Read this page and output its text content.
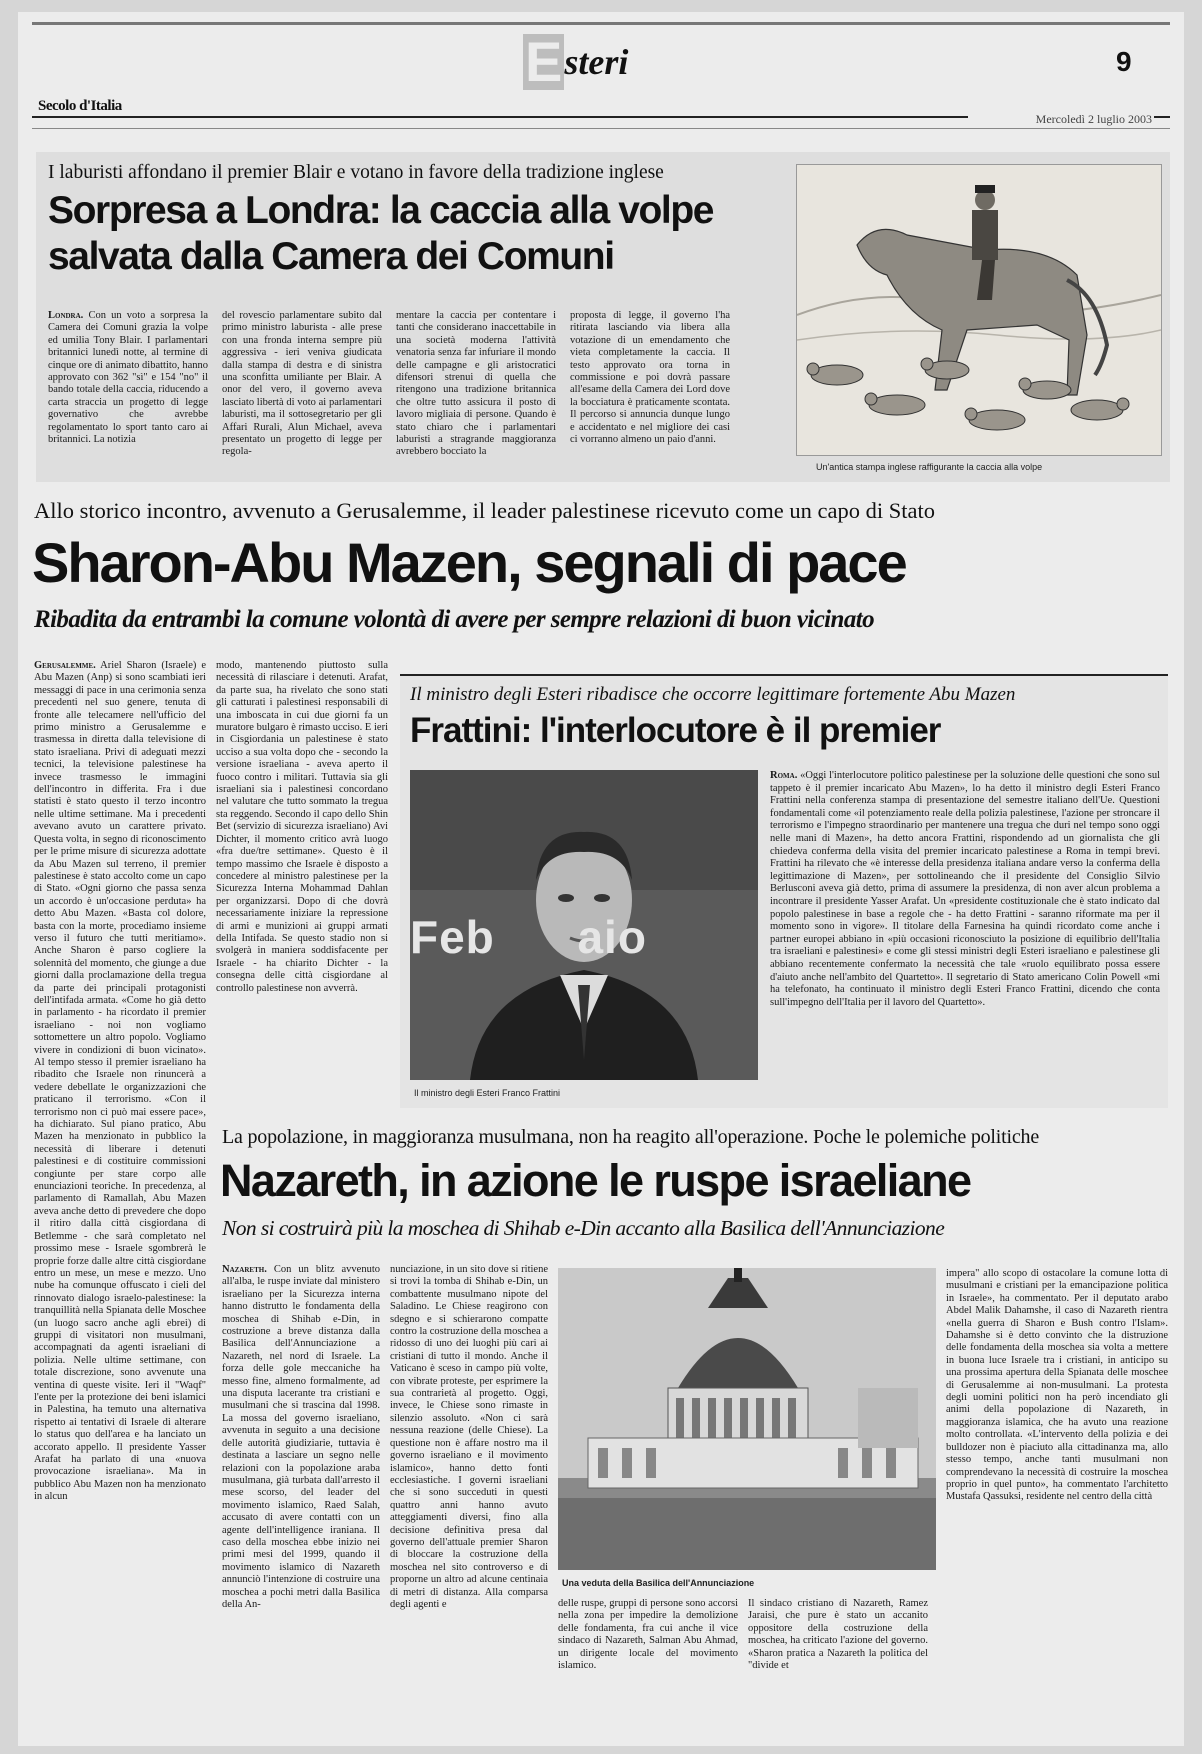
Esteri	9
Secolo d'Italia
Mercoledì 2 luglio 2003
I laburisti affondano il premier Blair e votano in favore della tradizione inglese
Sorpresa a Londra: la caccia alla volpe
salvata dalla Camera dei Comuni
Londra. Con un voto a sorpresa la Camera dei Comuni grazia la volpe ed umilia Tony Blair. I parlamentari britannici lunedì notte, al termine di cinque ore di animato dibattito, hanno approvato con 362 "sì" e 154 "no" il bando totale della caccia, riducendo a carta straccia un progetto di legge governativo che avrebbe regolamentato lo sport tanto caro ai britannici. La notizia
del rovescio parlamentare subito dal primo ministro laburista - alle prese con una fronda interna sempre più aggressiva - ieri veniva giudicata dalla stampa di destra e di sinistra una sconfitta umiliante per Blair. A onor del vero, il governo aveva lasciato libertà di voto ai parlamentari laburisti, ma il sottosegretario per gli Affari Rurali, Alun Michael, aveva presentato un progetto di legge per regola-
mentare la caccia per contentare i tanti che considerano inaccettabile in una società moderna l'attività venatoria senza far infuriare il mondo delle campagne e gli aristocratici difensori strenui di quella che ritengono una tradizione britannica che oltre tutto assicura il posto di lavoro migliaia di persone. Quando è stato chiaro che i parlamentari laburisti a stragrande maggioranza avrebbero bocciato la
proposta di legge, il governo l'ha ritirata lasciando via libera alla votazione di un emendamento che vieta completamente la caccia. Il testo approvato ora torna in commissione e poi dovrà passare all'esame della Camera dei Lord dove la bocciatura è praticamente scontata. Il percorso si annuncia dunque lungo e accidentato e nel migliore dei casi ci vorranno almeno un paio d'anni.
Un'antica stampa inglese raffigurante la caccia alla volpe
Allo storico incontro, avvenuto a Gerusalemme, il leader palestinese ricevuto come un capo di Stato
Sharon-Abu Mazen, segnali di pace
Ribadita da entrambi la comune volontà di avere per sempre relazioni di buon vicinato
Gerusalemme. Ariel Sharon (Israele) e Abu Mazen (Anp) si sono scambiati ieri messaggi di pace in una cerimonia senza precedenti nel suo genere, tenuta di fronte alle telecamere nell'ufficio del primo ministro a Gerusalemme e trasmessa in diretta dalla televisione di stato israeliana. Privi di adeguati mezzi tecnici, la televisione palestinese ha invece trasmesso le immagini dell'incontro in differita. Fra i due statisti è stato questo il terzo incontro nelle ultime settimane. Ma i precedenti avevano avuto un carattere privato. Questa volta, in segno di riconoscimento per le prime misure di sicurezza adottate da Abu Mazen sul terreno, il premier palestinese è stato accolto come un capo di Stato. «Ogni giorno che passa senza un accordo è un'occasione perduta» ha detto Abu Mazen. «Basta col dolore, basta con la morte, procediamo insieme verso il futuro che tutti meritiamo». Anche Sharon è parso cogliere la solennità del momento, che giunge a due giorni dalla proclamazione della tregua da parte dei principali protagonisti dell'intifada armata. «Come ho già detto in parlamento - ha ricordato il premier israeliano - noi non vogliamo sottomettere un altro popolo. Vogliamo vivere in condizioni di buon vicinato». Al tempo stesso il premier israeliano ha ribadito che Israele non rinuncerà a vedere debellate le organizzazioni che praticano il terrorismo. «Con il terrorismo non ci può mai essere pace», ha dichiarato. Sul piano pratico, Abu Mazen ha menzionato in pubblico la necessità di liberare i detenuti palestinesi e di costituire commissioni congiunte per stare corpo alle enunciazioni teoriche. In precedenza, al parlamento di Ramallah, Abu Mazen aveva anche detto di prevedere che dopo il ritiro dalla città cisgiordana di Betlemme - che sarà completato nel prossimo mese - Israele sgombrerà le proprie forze dalle altre città cisgiordane entro un mese, un mese e mezzo. Uno nube ha comunque offuscato i cieli del rinnovato dialogo israelo-palestinese: la tranquillità nella Spianata delle Moschee (un luogo sacro anche agli ebrei) di gruppi di visitatori non musulmani, accompagnati da agenti israeliani di polizia. Nelle ultime settimane, con totale discrezione, sono avvenute una ventina di queste visite. Ieri il "Waqf" l'ente per la protezione dei beni islamici in Palestina, ha temuto una alternativa rispetto ai tentativi di Israele di alterare lo status quo dell'area e ha lanciato un accorato appello. Il presidente Yasser Arafat ha parlato di una «nuova provocazione israeliana». Ma in pubblico Abu Mazen non ha menzionato in alcun
modo, mantenendo piuttosto sulla necessità di rilasciare i detenuti. Arafat, da parte sua, ha rivelato che sono stati gli catturati i palestinesi responsabili di una imboscata in cui due giorni fa un muratore bulgaro è rimasto ucciso. E ieri in Cisgiordania un palestinese è stato ucciso a sua volta dopo che - secondo la versione israeliana - aveva aperto il fuoco contro i militari. Tuttavia sia gli israeliani sia i palestinesi concordano nel valutare che tutto sommato la tregua sta reggendo. Secondo il capo dello Shin Bet (servizio di sicurezza israeliano) Avi Dichter, il momento critico avrà luogo «fra due/tre settimane». Questo è il tempo massimo che Israele è disposto a concedere al ministro palestinese per la Sicurezza Interna Mohammad Dahlan per organizzarsi. Dopo di che dovrà necessariamente iniziare la repressione di armi e munizioni ai gruppi armati della Intifada. Se questo stadio non si svolgerà in maniera soddisfacente per Israele - ha chiarito Dichter - la consegna delle città cisgiordane al controllo palestinese non avverrà.
Il ministro degli Esteri ribadisce che occorre legittimare fortemente Abu Mazen
Frattini: l'interlocutore è il premier
Feb      aio
Il ministro degli Esteri Franco Frattini
Roma. «Oggi l'interlocutore politico palestinese per la soluzione delle questioni che sono sul tappeto è il premier incaricato Abu Mazen», lo ha detto il ministro degli Esteri Franco Frattini nella conferenza stampa di presentazione del semestre italiano dell'Ue. Questioni fondamentali come «il potenziamento reale della polizia palestinese, l'azione per stroncare il terrorismo e l'impegno straordinario per mantenere una tregua che duri nel tempo sono oggi nelle mani di Mazen», ha detto ancora Frattini, rispondendo ad un giornalista che gli chiedeva conferma della visita del premier incaricato palestinese a Roma in tempi brevi. Frattini ha rilevato che «è interesse della presidenza italiana andare verso la conferma della legittimazione di Mazen», per sottolineando che il presidente del Consiglio Silvio Berlusconi aveva già detto, prima di assumere la presidenza, di non aver alcun problema a incontrare il presidente Yasser Arafat. Un «presidente costituzionale che è stato indicato dal popolo palestinese in base a regole che - ha detto Frattini - saranno riformate ma per il momento sono in vigore». Il titolare della Farnesina ha quindi ricordato come anche i partner europei abbiano in «più occasioni riconosciuto la posizione di equilibrio dell'Italia tra israeliani e palestinesi» e come gli stessi ministri degli Esteri israeliano e palestinese gli abbiano recentemente confermato la necessità che tale «ruolo equilibrato possa essere d'aiuto anche nell'ambito del Quartetto». Il segretario di Stato americano Colin Powell «mi ha telefonato, ha continuato il ministro degli Esteri Franco Frattini, dicendo che conta sull'impegno dell'Italia per il lavoro del Quartetto».
La popolazione, in maggioranza musulmana, non ha reagito all'operazione. Poche le polemiche politiche
Nazareth, in azione le ruspe israeliane
Non si costruirà più la moschea di Shihab e-Din accanto alla Basilica dell'Annunciazione
Nazareth. Con un blitz avvenuto all'alba, le ruspe inviate dal ministero israeliano per la Sicurezza interna hanno distrutto le fondamenta della moschea di Shihab e-Din, in costruzione a breve distanza dalla Basilica dell'Annunciazione a Nazareth, nel nord di Israele. La forza delle gole meccaniche ha messo fine, almeno formalmente, ad una disputa lacerante tra cristiani e musulmani che si trascina dal 1998. La mossa del governo israeliano, avvenuta in seguito a una decisione delle autorità giudiziarie, tuttavia è destinata a lasciare un segno nelle relazioni con la popolazione araba musulmana, già turbata dall'arresto il mese scorso, del leader del movimento islamico, Raed Salah, accusato di avere contatti con un agente dell'intelligence iraniana. Il caso della moschea ebbe inizio nei primi mesi del 1999, quando il movimento islamico di Nazareth annunciò l'intenzione di costruire una moschea a pochi metri dalla Basilica della An-
nunciazione, in un sito dove si ritiene si trovi la tomba di Shihab e-Din, un combattente musulmano nipote del Saladino. Le Chiese reagirono con sdegno e si schierarono compatte contro la costruzione della moschea a ridosso di uno dei luoghi più cari ai cristiani di tutto il mondo. Anche il Vaticano è sceso in campo più volte, con vibrate proteste, per esprimere la sua contrarietà al progetto. Oggi, invece, le Chiese sono rimaste in silenzio assoluto. «Non ci sarà nessuna reazione (delle Chiese). La questione non è affare nostro ma il governo israeliano e il movimento islamico», hanno detto fonti ecclesiastiche. I governi israeliani che si sono succeduti in questi quattro anni hanno avuto atteggiamenti diversi, fino alla decisione definitiva presa dal governo dell'attuale premier Sharon di bloccare la costruzione della moschea nel sito controverso e di proporne un altro ad alcune centinaia di metri di distanza. Alla comparsa degli agenti e
Una veduta della Basilica dell'Annunciazione
delle ruspe, gruppi di persone sono accorsi nella zona per impedire la demolizione delle fondamenta, fra cui anche il vice sindaco di Nazareth, Salman Abu Ahmad, un dirigente locale del movimento islamico.
Il sindaco cristiano di Nazareth, Ramez Jaraisi, che pure è stato un accanito oppositore della costruzione della moschea, ha criticato l'azione del governo. «Sharon pratica a Nazareth la politica del "divide et
impera" allo scopo di ostacolare la comune lotta di musulmani e cristiani per la emancipazione politica in Israele», ha commentato. Per il deputato arabo Abdel Malik Dahamshe, il caso di Nazareth rientra «nella guerra di Sharon e Bush contro l'Islam». Dahamshe si è detto convinto che la distruzione delle fondamenta della moschea sia volta a mettere in buona luce Israele tra i cristiani, in anticipo su una prossima apertura della Spianata delle moschee di Gerusalemme ai non-musulmani. La protesta degli uomini politici non ha però incendiato gli animi della popolazione di Nazareth, in maggioranza islamica, che ha avuto una reazione molto controllata. «L'intervento della polizia e dei bulldozer non è piaciuto alla cittadinanza ma, allo stesso tempo, anche tanti musulmani non comprendevano la necessità di costruire la moschea proprio in quel punto», ha commentato l'architetto Mustafa Qassuksi, residente nel centro della città
